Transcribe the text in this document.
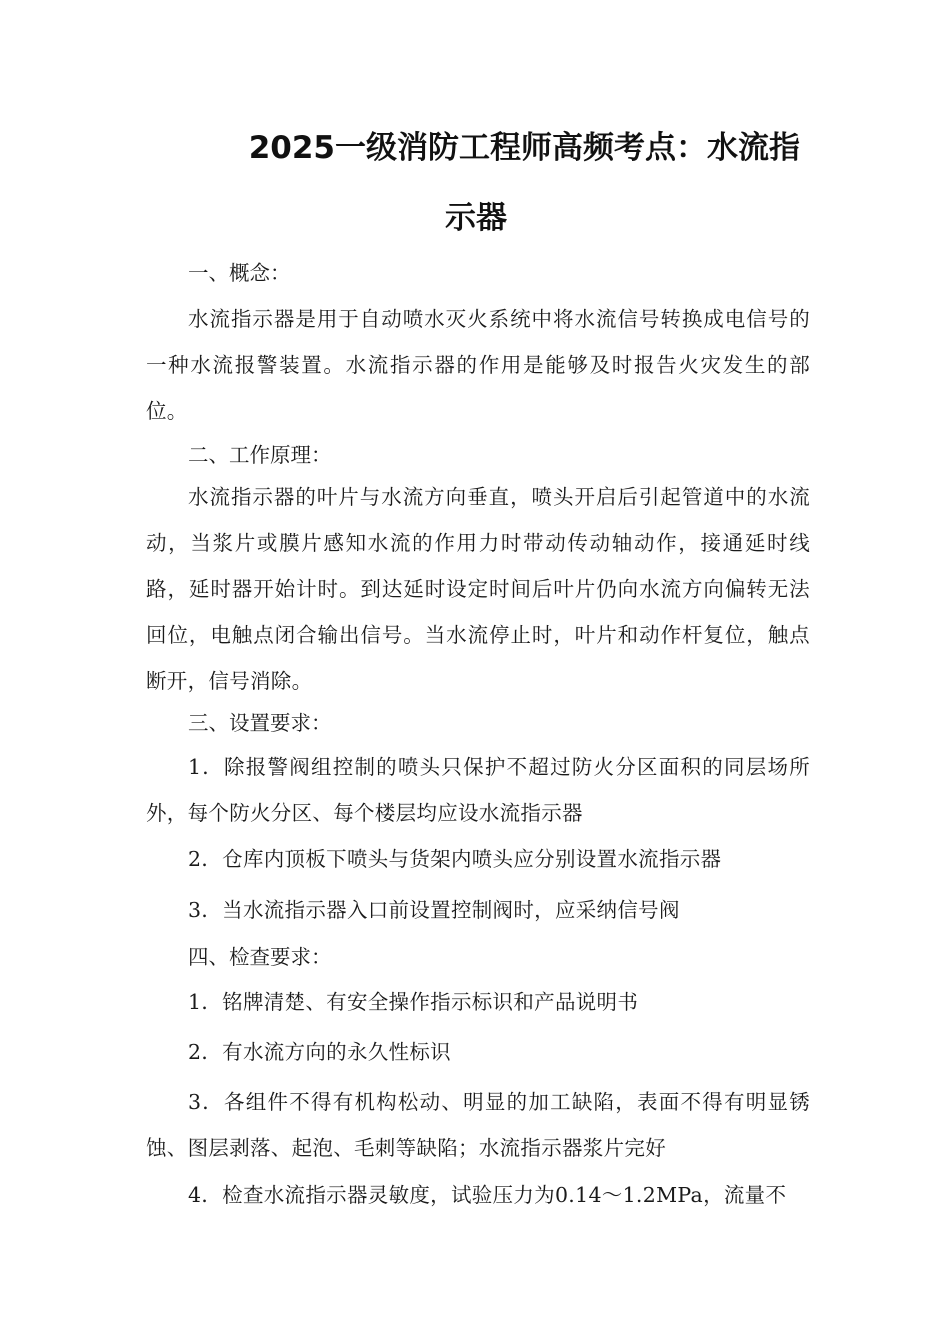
2025一级消防工程师高频考点：水流指
示器

一、概念：

水流指示器是用于自动喷水灭火系统中将水流信号转换成电信号的一种水流报警装置。水流指示器的作用是能够及时报告火灾发生的部位。

二、工作原理：

水流指示器的叶片与水流方向垂直，喷头开启后引起管道中的水流动，当浆片或膜片感知水流的作用力时带动传动轴动作，接通延时线路，延时器开始计时。到达延时设定时间后叶片仍向水流方向偏转无法回位，电触点闭合输出信号。当水流停止时，叶片和动作杆复位，触点断开，信号消除。

三、设置要求：

1．除报警阀组控制的喷头只保护不超过防火分区面积的同层场所外，每个防火分区、每个楼层均应设水流指示器

2．仓库内顶板下喷头与货架内喷头应分别设置水流指示器

3．当水流指示器入口前设置控制阀时，应采纳信号阀

四、检查要求：

1．铭牌清楚、有安全操作指示标识和产品说明书

2．有水流方向的永久性标识

3．各组件不得有机构松动、明显的加工缺陷，表面不得有明显锈蚀、图层剥落、起泡、毛刺等缺陷；水流指示器浆片完好

4．检查水流指示器灵敏度，试验压力为0.14～1.2MPa，流量不
